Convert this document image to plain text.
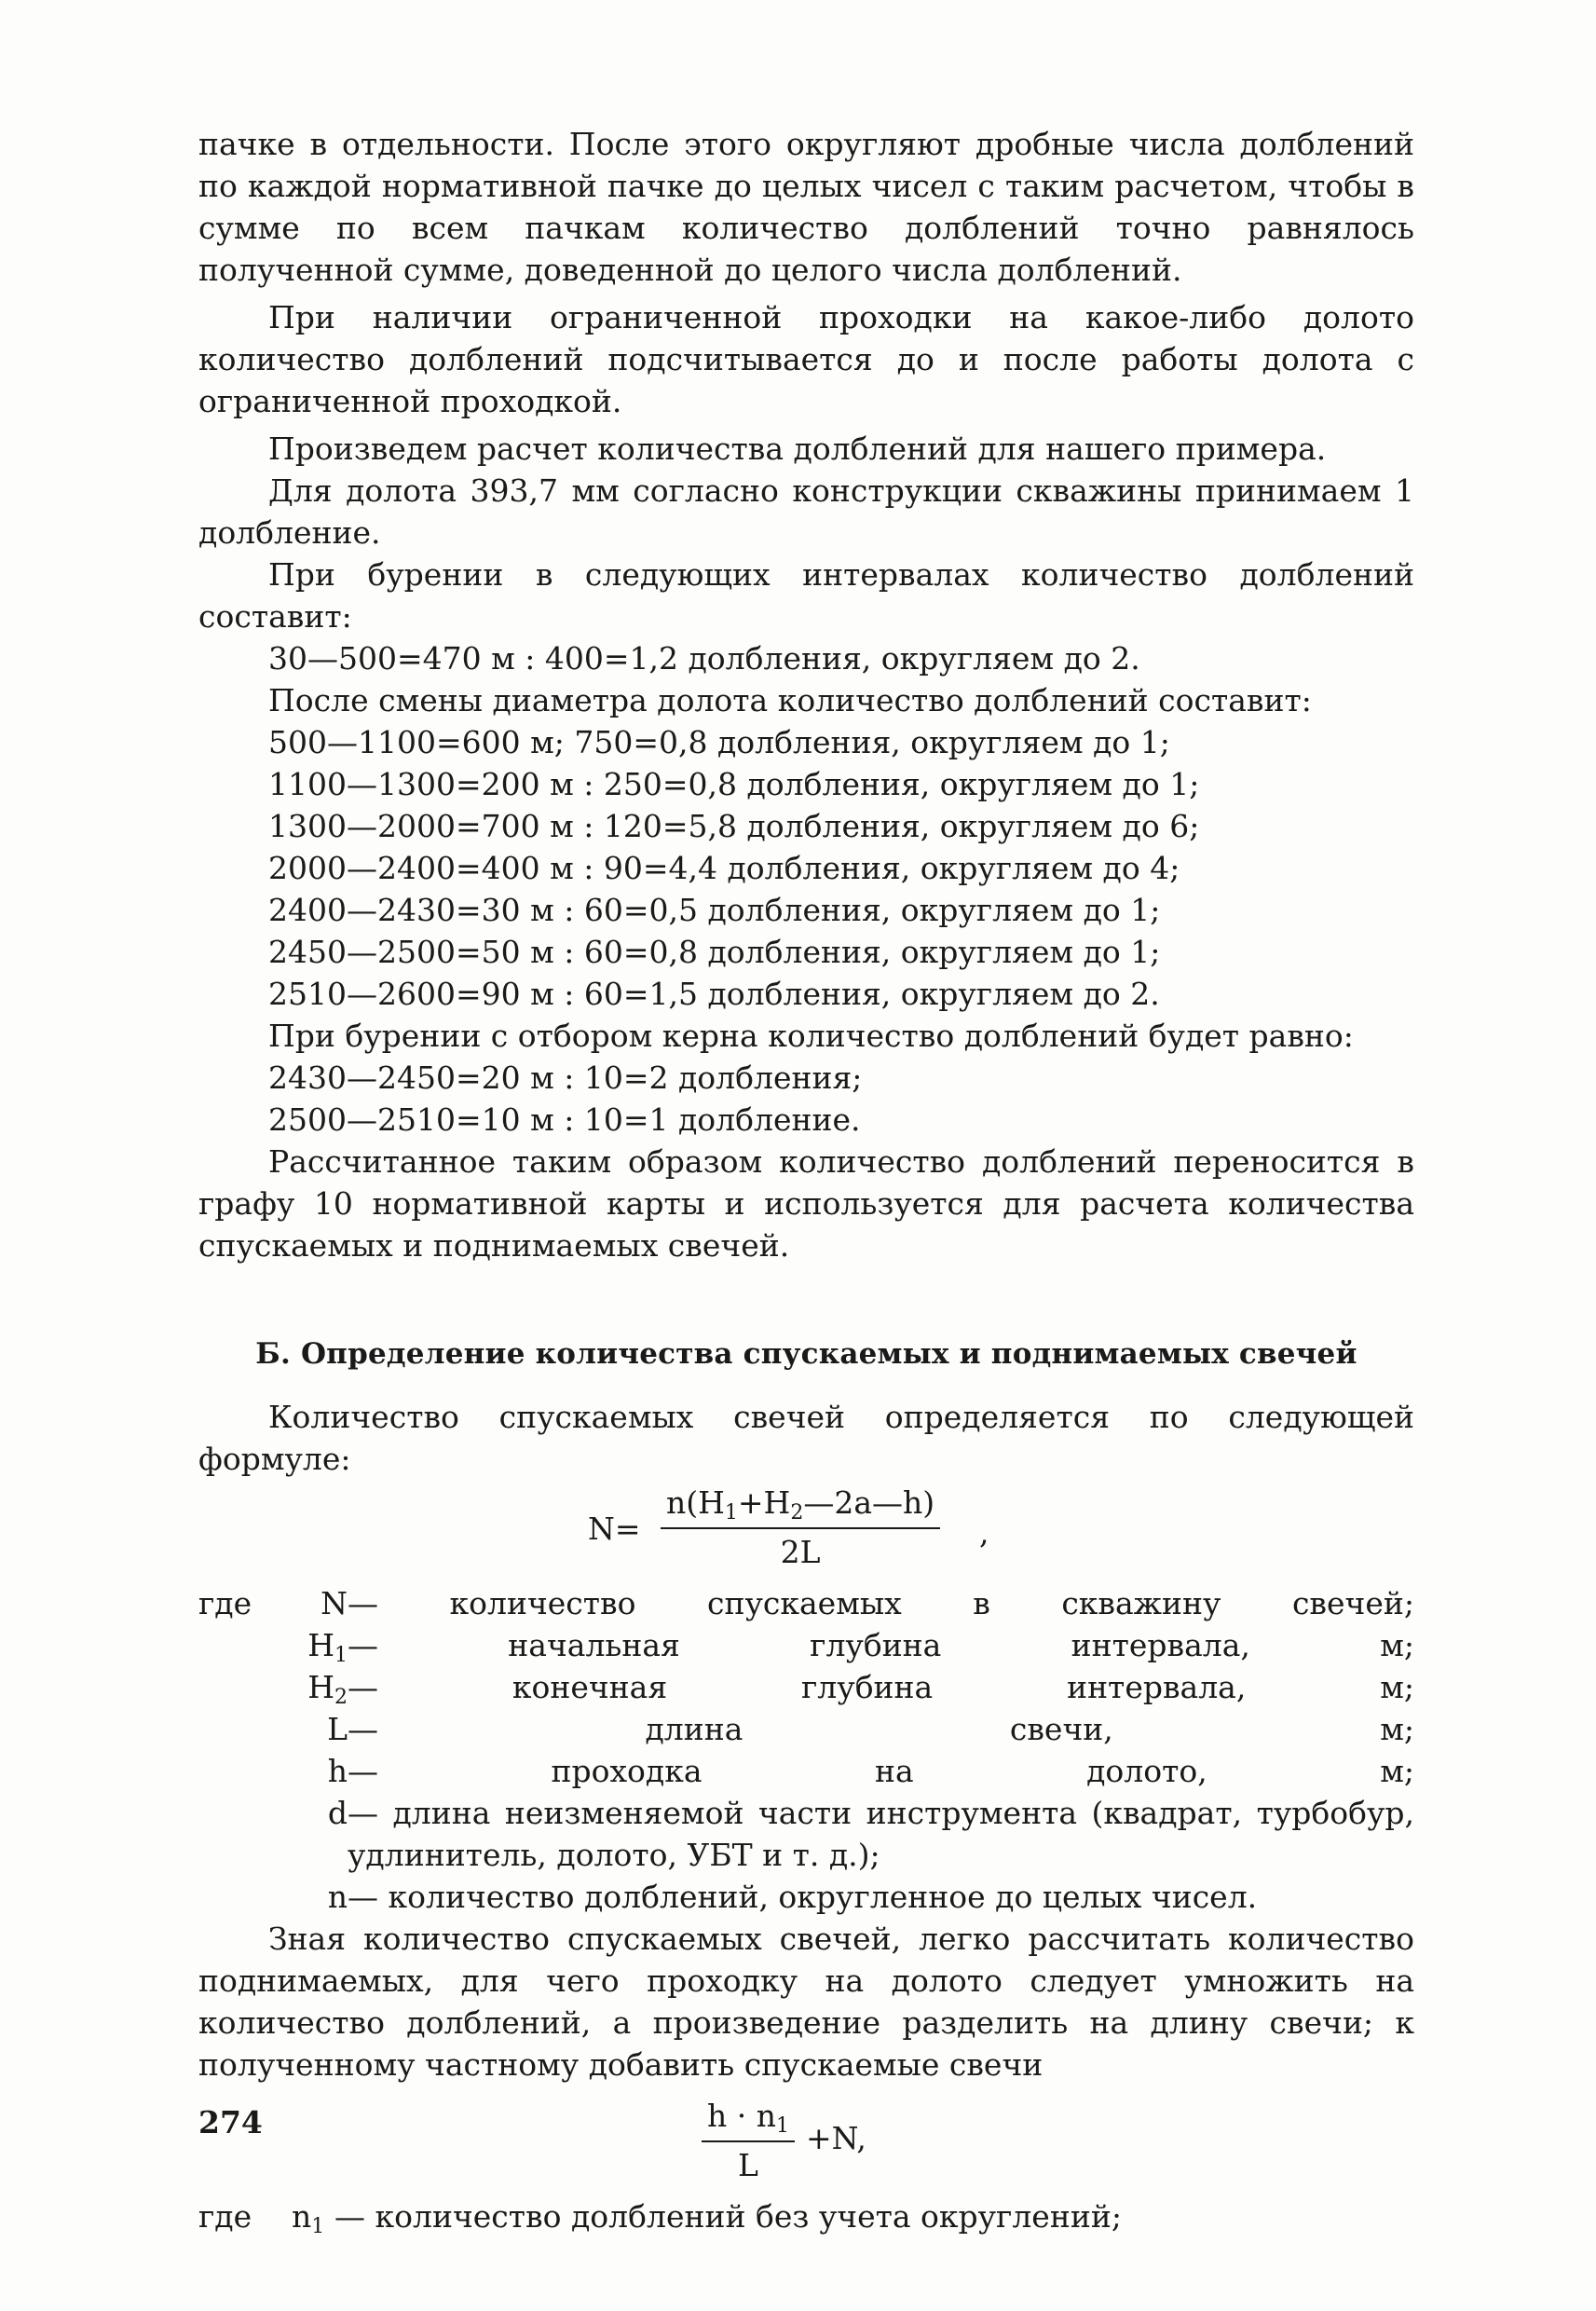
пачке в отдельности. После этого округляют дробные числа долблений по каждой нормативной пачке до целых чисел с таким расчетом, чтобы в сумме по всем пачкам количество долблений точно равнялось полученной сумме, доведенной до целого числа долблений.

При наличии ограниченной проходки на какое-либо долото количество долблений подсчитывается до и после работы долота с ограниченной проходкой.

Произведем расчет количества долблений для нашего примера.

Для долота 393,7 мм согласно конструкции скважины принимаем 1 долбление.

При бурении в следующих интервалах количество долблений составит:

30—500=470 м : 400=1,2 долбления, округляем до 2.

После смены диаметра долота количество долблений составит:

500—1100=600 м; 750=0,8 долбления, округляем до 1;
1100—1300=200 м : 250=0,8 долбления, округляем до 1;
1300—2000=700 м : 120=5,8 долбления, округляем до 6;
2000—2400=400 м : 90=4,4 долбления, округляем до 4;
2400—2430=30 м : 60=0,5 долбления, округляем до 1;
2450—2500=50 м : 60=0,8 долбления, округляем до 1;
2510—2600=90 м : 60=1,5 долбления, округляем до 2.

При бурении с отбором керна количество долблений будет равно:

2430—2450=20 м : 10=2 долбления;
2500—2510=10 м : 10=1 долбление.

Рассчитанное таким образом количество долблений переносится в графу 10 нормативной карты и используется для расчета количества спускаемых и поднимаемых свечей.

Б. Определение количества спускаемых и поднимаемых свечей

Количество спускаемых свечей определяется по следующей формуле:

$N= \frac{n(H_1+H_2—2a—h)}{2L}$ ,
где N — количество спускаемых в скважину свечей;
$H_1$ — начальная глубина интервала, м;
$H_2$ — конечная глубина интервала, м;
L — длина свечи, м;
h — проходка на долото, м;
d — длина неизменяемой части инструмента (квадрат, турбобур, удлинитель, долото, УБТ и т. д.);
n — количество долблений, округленное до целых чисел.

Зная количество спускаемых свечей, легко рассчитать количество поднимаемых, для чего проходку на долото следует умножить на количество долблений, а произведение разделить на длину свечи; к полученному частному добавить спускаемые свечи

$\frac{h \cdot n_1}{L} +N$,
где $n_1$ — количество долблений без учета округлений;
274
